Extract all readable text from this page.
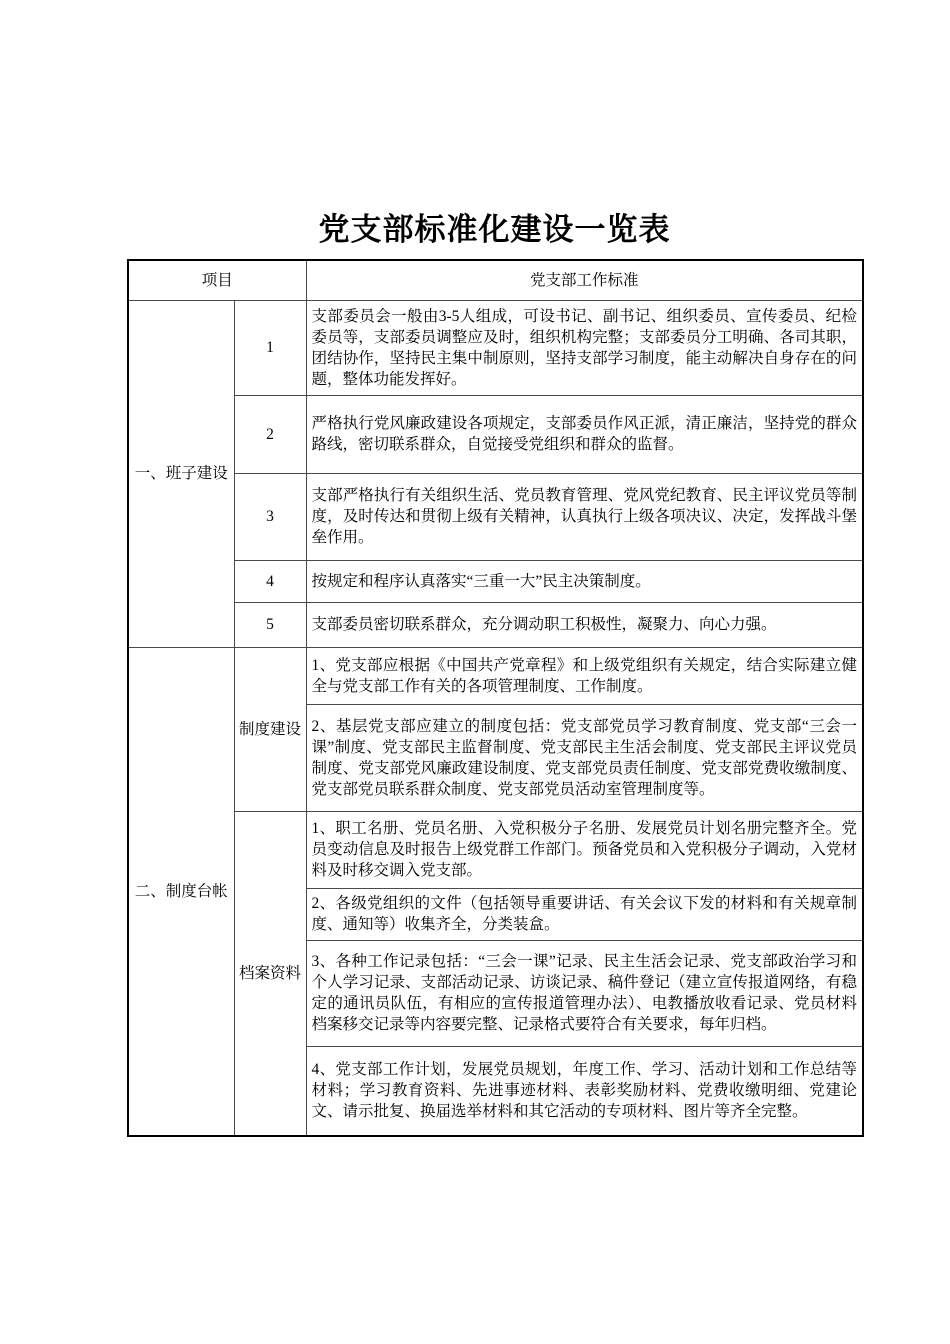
党支部标准化建设一览表
项目		党支部工作标准
一、班子建设	1	支部委员会一般由3-5人组成，可设书记、副书记、组织委员、宣传委员、纪检委员等，支部委员调整应及时，组织机构完整；支部委员分工明确、各司其职，团结协作，坚持民主集中制原则，坚持支部学习制度，能主动解决自身存在的问题，整体功能发挥好。
	2	严格执行党风廉政建设各项规定，支部委员作风正派，清正廉洁，坚持党的群众路线，密切联系群众，自觉接受党组织和群众的监督。
	3	支部严格执行有关组织生活、党员教育管理、党风党纪教育、民主评议党员等制度，及时传达和贯彻上级有关精神，认真执行上级各项决议、决定，发挥战斗堡垒作用。
	4	按规定和程序认真落实“三重一大”民主决策制度。
	5	支部委员密切联系群众，充分调动职工积极性，凝聚力、向心力强。
二、制度台帐	制度建设	1、党支部应根据《中国共产党章程》和上级党组织有关规定，结合实际建立健全与党支部工作有关的各项管理制度、工作制度。
		2、基层党支部应建立的制度包括：党支部党员学习教育制度、党支部“三会一课”制度、党支部民主监督制度、党支部民主生活会制度、党支部民主评议党员制度、党支部党风廉政建设制度、党支部党员责任制度、党支部党费收缴制度、党支部党员联系群众制度、党支部党员活动室管理制度等。
	档案资料	1、职工名册、党员名册、入党积极分子名册、发展党员计划名册完整齐全。党员变动信息及时报告上级党群工作部门。预备党员和入党积极分子调动，入党材料及时移交调入党支部。
		2、各级党组织的文件（包括领导重要讲话、有关会议下发的材料和有关规章制度、通知等）收集齐全，分类装盒。
		3、各种工作记录包括：“三会一课”记录、民主生活会记录、党支部政治学习和个人学习记录、支部活动记录、访谈记录、稿件登记（建立宣传报道网络，有稳定的通讯员队伍，有相应的宣传报道管理办法）、电教播放收看记录、党员材料档案移交记录等内容要完整、记录格式要符合有关要求，每年归档。
		4、党支部工作计划，发展党员规划，年度工作、学习、活动计划和工作总结等材料；学习教育资料、先进事迹材料、表彰奖励材料、党费收缴明细、党建论文、请示批复、换届选举材料和其它活动的专项材料、图片等齐全完整。
